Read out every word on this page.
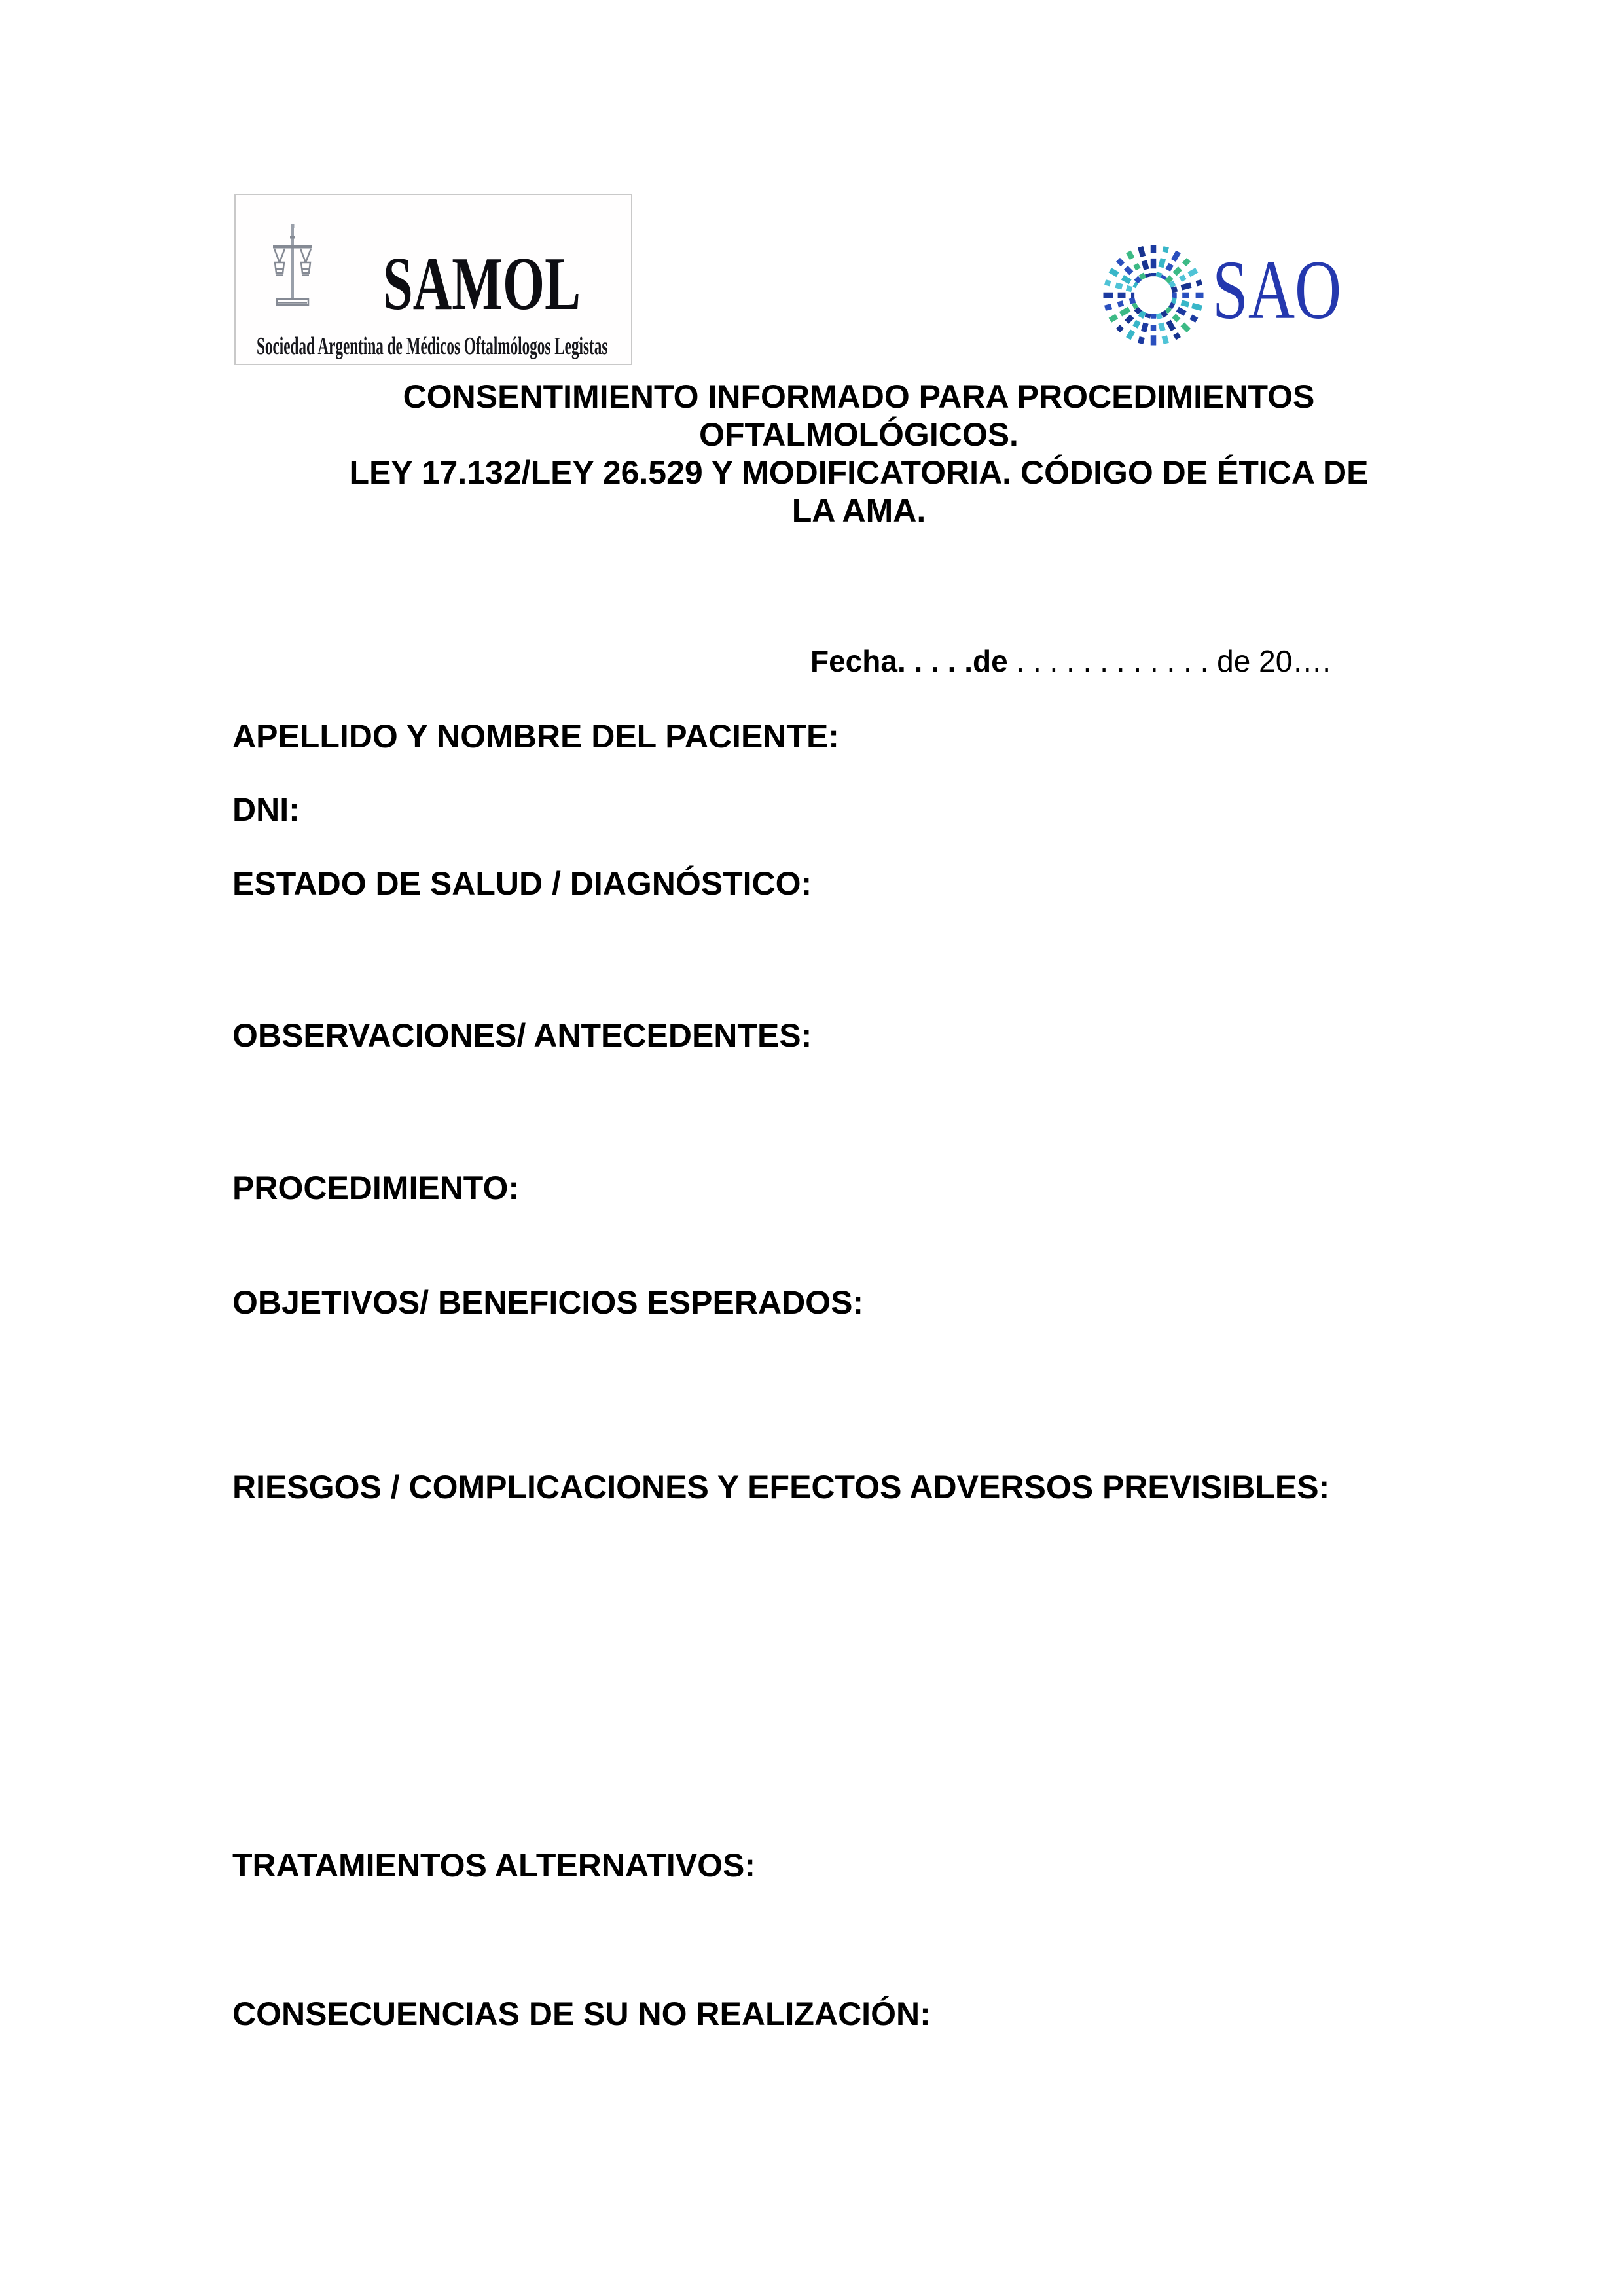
SAMOL
Sociedad Argentina de Médicos Oftalmólogos Legistas
SAO
CONSENTIMIENTO INFORMADO PARA PROCEDIMIENTOS
OFTALMOLÓGICOS.
LEY 17.132/LEY 26.529 Y MODIFICATORIA. CÓDIGO DE ÉTICA DE
LA AMA.
Fecha. . . . .de . . . . . . . . . . . . de 20….
APELLIDO Y NOMBRE DEL PACIENTE:
DNI:
ESTADO DE SALUD / DIAGNÓSTICO:
OBSERVACIONES/ ANTECEDENTES:
PROCEDIMIENTO:
OBJETIVOS/ BENEFICIOS ESPERADOS:
RIESGOS / COMPLICACIONES Y EFECTOS ADVERSOS PREVISIBLES:
TRATAMIENTOS ALTERNATIVOS:
CONSECUENCIAS DE SU NO REALIZACIÓN:
